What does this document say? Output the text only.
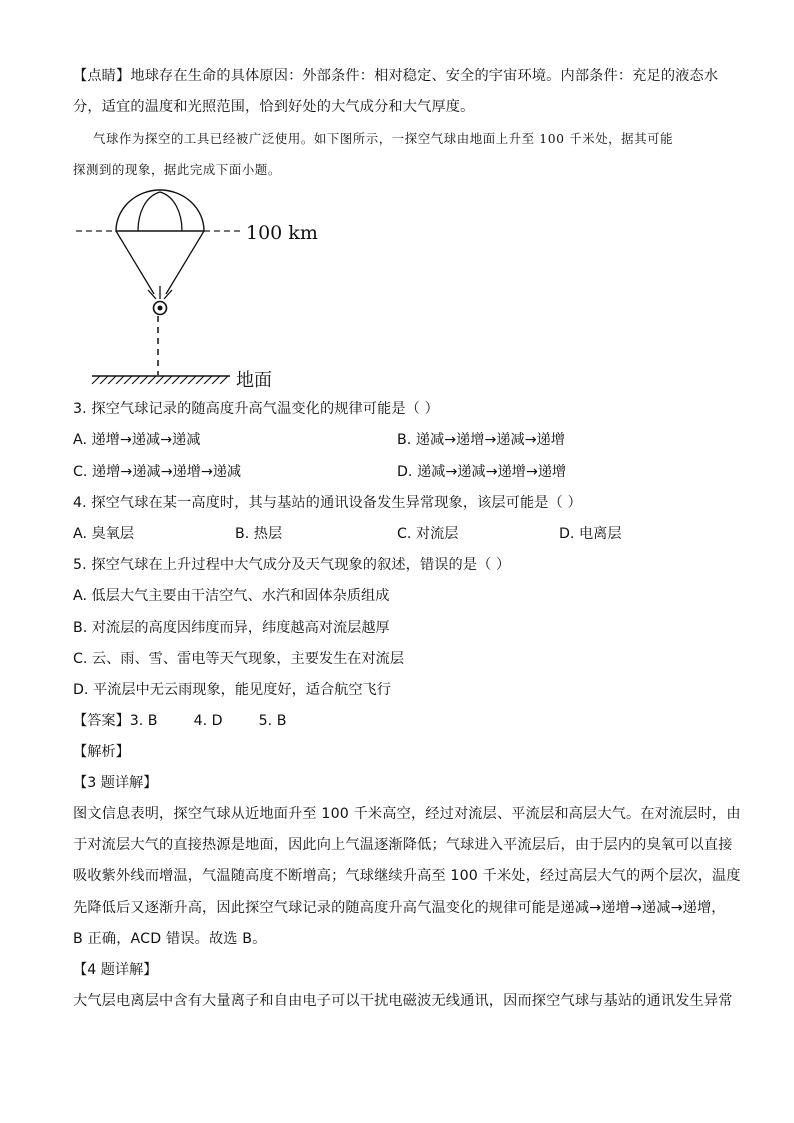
【点睛】地球存在生命的具体原因：外部条件：相对稳定、安全的宇宙环境。内部条件：充足的液态水
分，适宜的温度和光照范围，恰到好处的大气成分和大气厚度。
气球作为探空的工具已经被广泛使用。如下图所示，一探空气球由地面上升至 100 千米处，据其可能
探测到的现象，据此完成下面小题。
100 km
地面
3. 探空气球记录的随高度升高气温变化的规律可能是（ ）
A. 递增→递减→递减	B. 递减→递增→递减→递增
C. 递增→递减→递增→递减	D. 递减→递减→递增→递增
4. 探空气球在某一高度时，其与基站的通讯设备发生异常现象，该层可能是（ ）
A. 臭氧层	B. 热层	C. 对流层	D. 电离层
5. 探空气球在上升过程中大气成分及天气现象的叙述，错误的是（ ）
A. 低层大气主要由干洁空气、水汽和固体杂质组成
B. 对流层的高度因纬度而异，纬度越高对流层越厚
C. 云、雨、雪、雷电等天气现象，主要发生在对流层
D. 平流层中无云雨现象，能见度好，适合航空飞行
【答案】3. B        4. D        5. B
【解析】
【3 题详解】
图文信息表明，探空气球从近地面升至 100 千米高空，经过对流层、平流层和高层大气。在对流层时，由
于对流层大气的直接热源是地面，因此向上气温逐渐降低；气球进入平流层后，由于层内的臭氧可以直接
吸收紫外线而增温，气温随高度不断增高；气球继续升高至 100 千米处，经过高层大气的两个层次，温度
先降低后又逐渐升高，因此探空气球记录的随高度升高气温变化的规律可能是递减→递增→递减→递增，
B 正确，ACD 错误。故选 B。
【4 题详解】
大气层电离层中含有大量离子和自由电子可以干扰电磁波无线通讯，因而探空气球与基站的通讯发生异常
